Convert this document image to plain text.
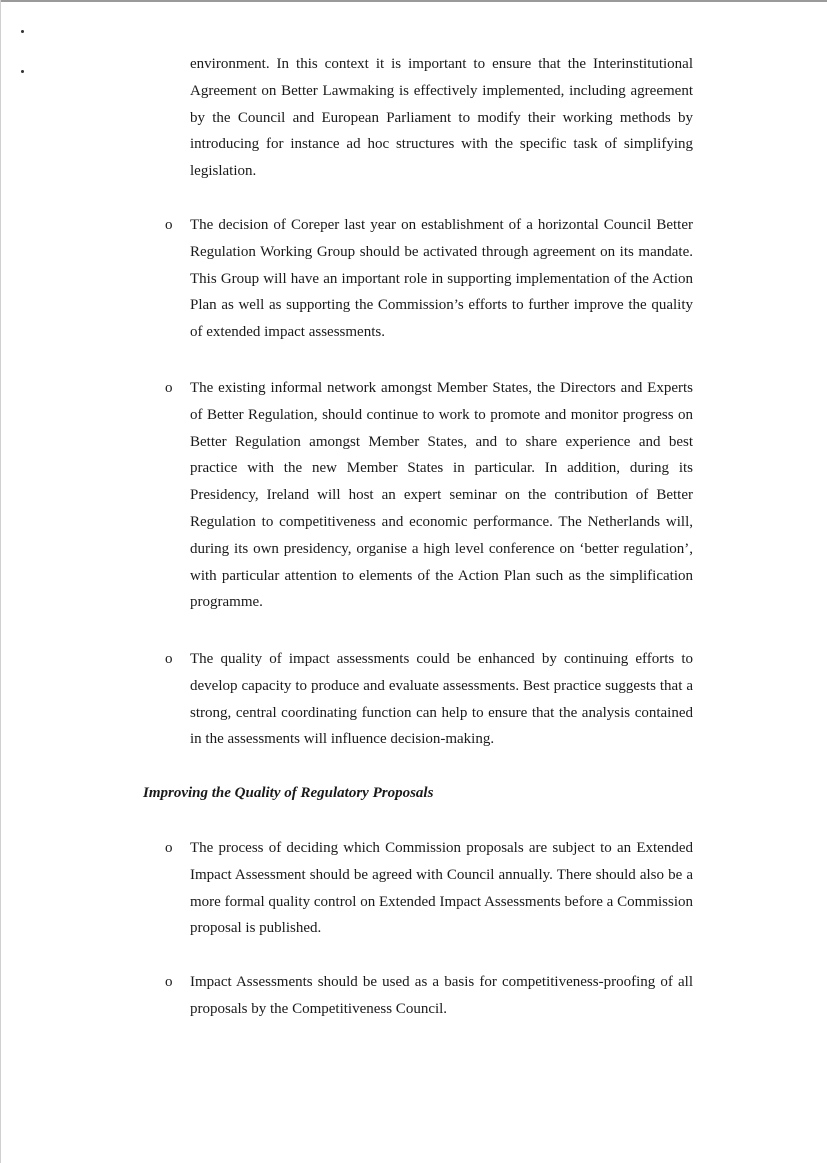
environment. In this context it is important to ensure that the Interinstitutional Agreement on Better Lawmaking is effectively implemented, including agreement by the Council and European Parliament to modify their working methods by introducing for instance ad hoc structures with the specific task of simplifying legislation.
o The decision of Coreper last year on establishment of a horizontal Council Better Regulation Working Group should be activated through agreement on its mandate. This Group will have an important role in supporting implementation of the Action Plan as well as supporting the Commission’s efforts to further improve the quality of extended impact assessments.
o The existing informal network amongst Member States, the Directors and Experts of Better Regulation, should continue to work to promote and monitor progress on Better Regulation amongst Member States, and to share experience and best practice with the new Member States in particular. In addition, during its Presidency, Ireland will host an expert seminar on the contribution of Better Regulation to competitiveness and economic performance. The Netherlands will, during its own presidency, organise a high level conference on ‘better regulation’, with particular attention to elements of the Action Plan such as the simplification programme.
o The quality of impact assessments could be enhanced by continuing efforts to develop capacity to produce and evaluate assessments. Best practice suggests that a strong, central coordinating function can help to ensure that the analysis contained in the assessments will influence decision-making.
Improving the Quality of Regulatory Proposals
o The process of deciding which Commission proposals are subject to an Extended Impact Assessment should be agreed with Council annually. There should also be a more formal quality control on Extended Impact Assessments before a Commission proposal is published.
o Impact Assessments should be used as a basis for competitiveness-proofing of all proposals by the Competitiveness Council.
